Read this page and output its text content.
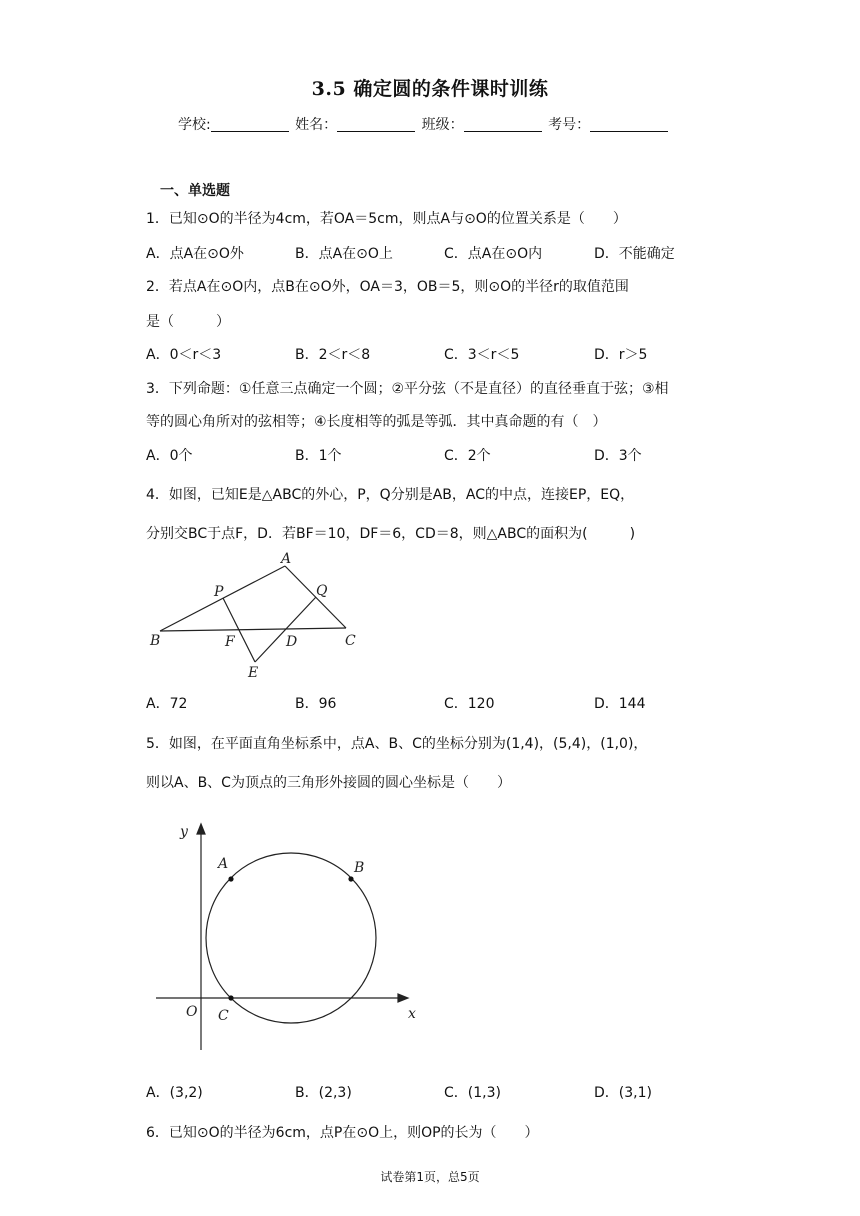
3.5 确定圆的条件课时训练
学校:	姓名：	班级：	考号：
一、单选题
1．已知⊙O的半径为4cm，若OA＝5cm，则点A与⊙O的位置关系是（　　）
A．点A在⊙O外	B．点A在⊙O上	C．点A在⊙O内	D．不能确定
2．若点A在⊙O内，点B在⊙O外，OA＝3，OB＝5，则⊙O的半径r的取值范围
是（　　　）
A．0＜r＜3	B．2＜r＜8	C．3＜r＜5	D．r＞5
3．下列命题：①任意三点确定一个圆；②平分弦（不是直径）的直径垂直于弦；③相
等的圆心角所对的弦相等；④长度相等的弧是等弧．其中真命题的有（　）
A．0个	B．1个	C．2个	D．3个
4．如图，已知E是△ABC的外心，P，Q分别是AB，AC的中点，连接EP，EQ，
分别交BC于点F，D．若BF＝10，DF＝6，CD＝8，则△ABC的面积为(　　　)
A
B	C
P	Q
F	D
E
A．72	B．96	C．120	D．144
5．如图，在平面直角坐标系中，点A、B、C的坐标分别为(1,4)，(5,4)，(1,0)，
则以A、B、C为顶点的三角形外接圆的圆心坐标是（　　）
y
x
O
A	B
C
A．(3,2)	B．(2,3)	C．(1,3)	D．(3,1)
6．已知⊙O的半径为6cm，点P在⊙O上，则OP的长为（　　）
试卷第1页，总5页
